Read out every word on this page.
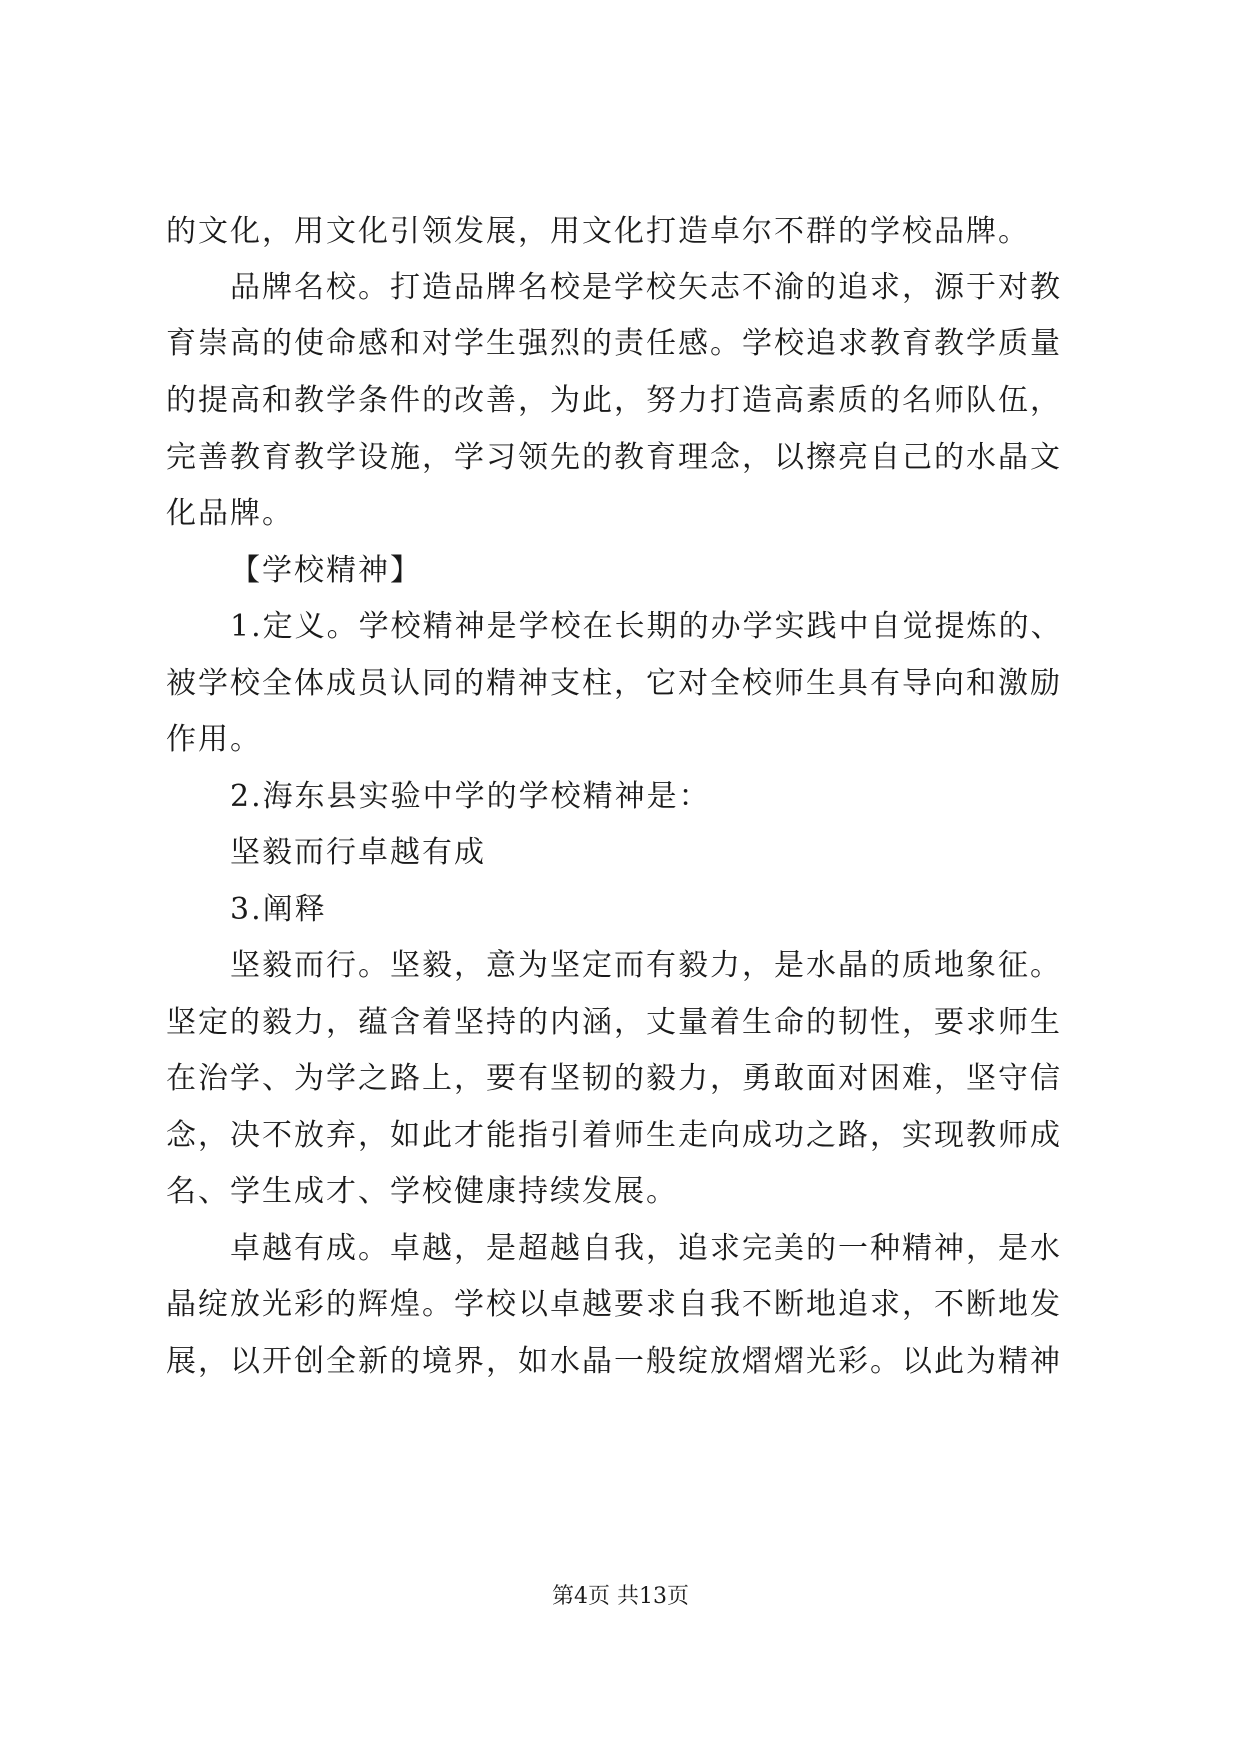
的文化，用文化引领发展，用文化打造卓尔不群的学校品牌。
品牌名校。打造品牌名校是学校矢志不渝的追求，源于对教
育崇高的使命感和对学生强烈的责任感。学校追求教育教学质量
的提高和教学条件的改善，为此，努力打造高素质的名师队伍，
完善教育教学设施，学习领先的教育理念，以擦亮自己的水晶文
化品牌。
【学校精神】
1.定义。学校精神是学校在长期的办学实践中自觉提炼的、
被学校全体成员认同的精神支柱，它对全校师生具有导向和激励
作用。
2.海东县实验中学的学校精神是：
坚毅而行卓越有成
3.阐释
坚毅而行。坚毅，意为坚定而有毅力，是水晶的质地象征。
坚定的毅力，蕴含着坚持的内涵，丈量着生命的韧性，要求师生
在治学、为学之路上，要有坚韧的毅力，勇敢面对困难，坚守信
念，决不放弃，如此才能指引着师生走向成功之路，实现教师成
名、学生成才、学校健康持续发展。
卓越有成。卓越，是超越自我，追求完美的一种精神，是水
晶绽放光彩的辉煌。学校以卓越要求自我不断地追求，不断地发
展，以开创全新的境界，如水晶一般绽放熠熠光彩。以此为精神
第4页 共13页
